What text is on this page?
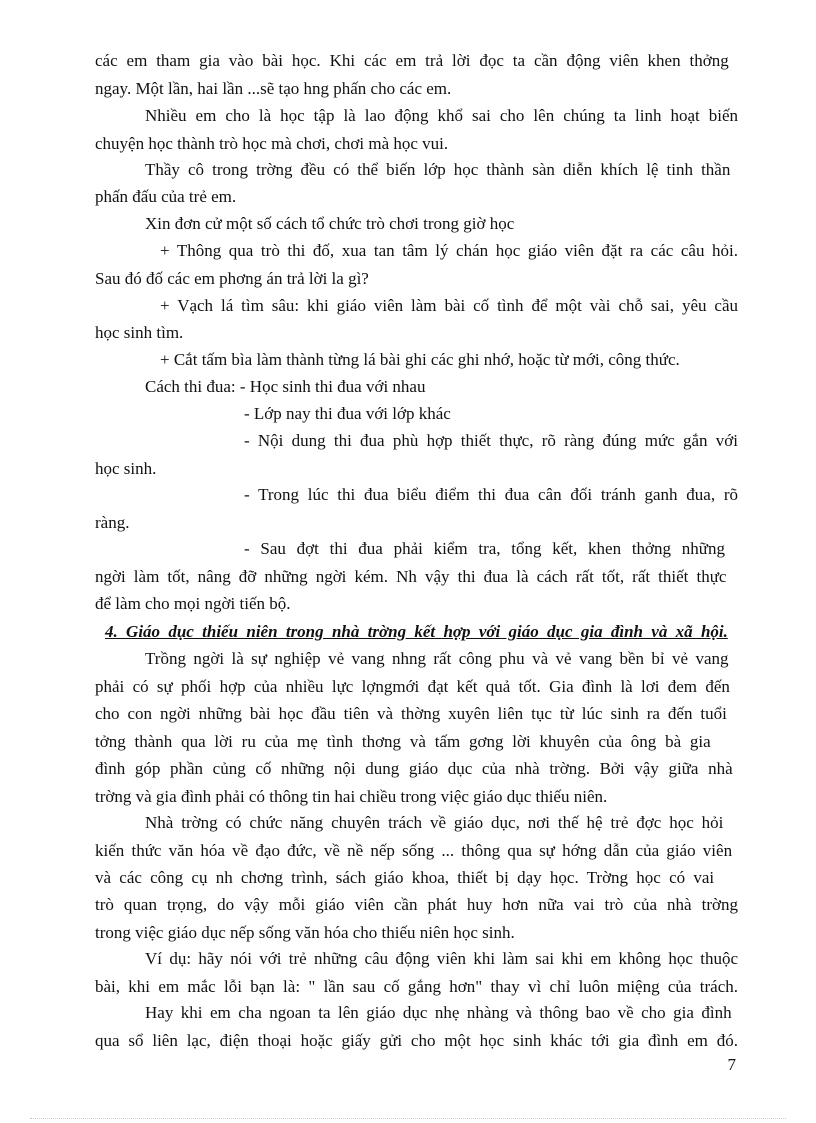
các em tham gia vào bài học. Khi các em trả lời đọc ta cần động viên khen thởng
ngay. Một lần, hai lần ...sẽ tạo hng phấn cho các em.
Nhiều em cho là học tập là lao động khổ sai cho lên chúng ta linh hoạt biến
chuyện học thành trò học mà chơi, chơi mà học vui.
Thầy cô trong trờng đều có thể biến lớp học thành sàn diễn khích lệ tinh thần
phấn đấu của trẻ em.
Xin đơn cử một số cách tổ chức trò chơi trong giờ học
+ Thông qua trò thi đố, xua tan tâm lý chán học giáo viên đặt ra các câu hỏi.
Sau đó đố các em phơng án trả lời la gì?
+ Vạch lá tìm sâu: khi giáo viên làm bài cố tình để một vài chỗ sai, yêu cầu
học sinh tìm.
+ Cắt tấm bìa làm thành từng lá bài ghi các ghi nhớ, hoặc từ mới, công thức.
Cách thi đua: - Học sinh thi đua với nhau
- Lớp nay thi đua với lớp khác
- Nội dung thi đua phù hợp thiết thực, rõ ràng đúng mức gắn với
học sinh.
- Trong lúc thi đua biểu điểm thi đua cân đối tránh ganh đua, rõ
ràng.
- Sau đợt thi đua phải kiểm tra, tổng kết, khen thởng những
ngời làm tốt, nâng đỡ những ngời kém. Nh vậy thi đua là cách rất tốt, rất thiết thực
để làm cho mọi ngời tiến bộ.
4. Giáo dục thiếu niên trong nhà trờng kết hợp với giáo dục gia đình và xã hội.
Trồng ngời là sự nghiệp vẻ vang nhng rất công phu và vẻ vang bền bỉ vẻ vang
phải có sự phối hợp của nhiều lực lợngmới đạt kết quả tốt. Gia đình là lơi đem đến
cho con ngời những bài học đầu tiên và thờng xuyên liên tục từ lúc sinh ra đến tuổi
tởng thành qua lời ru của mẹ tình thơng và tấm gơng lời khuyên của ông bà gia
đình góp phần củng cố những nội dung giáo dục của nhà trờng. Bởi vậy giữa nhà
trờng và gia đình phải có thông tin hai chiều trong việc giáo dục thiếu niên.
Nhà trờng có chức năng chuyên trách về giáo dục, nơi thế hệ trẻ đợc học hỏi
kiến thức văn hóa về đạo đức, về nề nếp sống ... thông qua sự hớng dẫn của giáo viên
và các công cụ nh chơng trình, sách giáo khoa, thiết bị dạy học. Trờng học có vai
trò quan trọng, do vậy mỗi giáo viên cần phát huy hơn nữa vai trò của nhà trờng
trong việc giáo dục nếp sống văn hóa cho thiếu niên học sinh.
Ví dụ: hãy nói với trẻ những câu động viên khi làm sai khi em không học thuộc
bài, khi em mắc lỗi bạn là: " lần sau cố gắng hơn" thay vì chỉ luôn miệng của trách.
Hay khi em cha ngoan ta lên giáo dục nhẹ nhàng và thông bao về cho gia đình
qua sổ liên lạc, điện thoại hoặc giấy gửi cho một học sinh khác tới gia đình em đó.
7
